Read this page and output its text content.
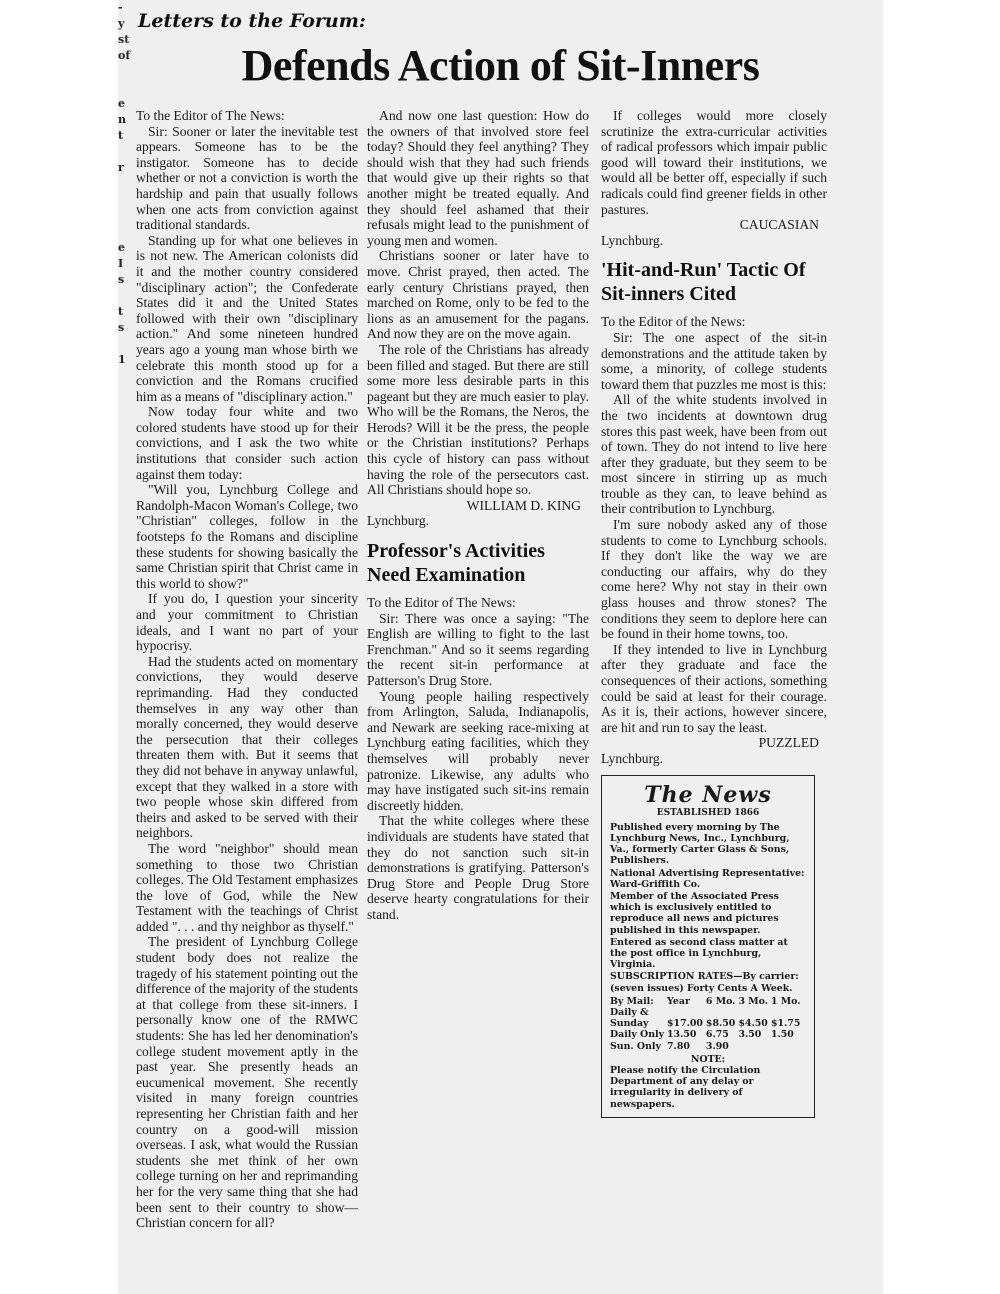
-
y
st
of
e
n
t
r
e
I
s
t
s
1
Letters to the Forum:
Defends Action of Sit-Inners

To the Editor of The News:

Sir: Sooner or later the inevitable test appears. Someone has to be the instigator. Someone has to decide whether or not a conviction is worth the hardship and pain that usually follows when one acts from conviction against traditional standards.

Standing up for what one believes in is not new. The American colonists did it and the mother country considered "disciplinary action"; the Confederate States did it and the United States followed with their own "disciplinary action." And some nineteen hundred years ago a young man whose birth we celebrate this month stood up for a conviction and the Romans crucified him as a means of "disciplinary action."

Now today four white and two colored students have stood up for their convictions, and I ask the two white institutions that consider such action against them today:

"Will you, Lynchburg College and Randolph-Macon Woman's College, two "Christian" colleges, follow in the footsteps fo the Romans and discipline these students for showing basically the same Christian spirit that Christ came in this world to show?"

If you do, I question your sincerity and your commitment to Christian ideals, and I want no part of your hypocrisy.

Had the students acted on momentary convictions, they would deserve reprimanding. Had they conducted themselves in any way other than morally concerned, they would deserve the persecution that their colleges threaten them with. But it seems that they did not behave in anyway unlawful, except that they walked in a store with two people whose skin differed from theirs and asked to be served with their neighbors.

The word "neighbor" should mean something to those two Christian colleges. The Old Testament emphasizes the love of God, while the New Testament with the teachings of Christ added ". . . and thy neighbor as thyself."

The president of Lynchburg College student body does not realize the tragedy of his statement pointing out the difference of the majority of the students at that college from these sit-inners. I personally know one of the RMWC students: She has led her denomination's college student movement aptly in the past year. She presently heads an eucumenical movement. She recently visited in many foreign countries representing her Christian faith and her country on a good-will mission overseas. I ask, what would the Russian students she met think of her own college turning on her and reprimanding her for the very same thing that she had been sent to their country to show—Christian concern for all?

And now one last question: How do the owners of that involved store feel today? Should they feel anything? They should wish that they had such friends that would give up their rights so that another might be treated equally. And they should feel ashamed that their refusals might lead to the punishment of young men and women.

Christians sooner or later have to move. Christ prayed, then acted. The early century Christians prayed, then marched on Rome, only to be fed to the lions as an amusement for the pagans. And now they are on the move again.

The role of the Christians has already been filled and staged. But there are still some more less desirable parts in this pageant but they are much easier to play. Who will be the Romans, the Neros, the Herods? Will it be the press, the people or the Christian institutions? Perhaps this cycle of history can pass without having the role of the persecutors cast. All Christians should hope so.

WILLIAM D. KING

Lynchburg.

Professor's Activities Need Examination

To the Editor of The News:

Sir: There was once a saying: "The English are willing to fight to the last Frenchman." And so it seems regarding the recent sit-in performance at Patterson's Drug Store.

Young people hailing respectively from Arlington, Saluda, Indianapolis, and Newark are seeking race-mixing at Lynchburg eating facilities, which they themselves will probably never patronize. Likewise, any adults who may have instigated such sit-ins remain discreetly hidden.

That the white colleges where these individuals are students have stated that they do not sanction such sit-in demonstrations is gratifying. Patterson's Drug Store and People Drug Store deserve hearty congratulations for their stand.

If colleges would more closely scrutinize the extra-curricular activities of radical professors which impair public good will toward their institutions, we would all be better off, especially if such radicals could find greener fields in other pastures.

CAUCASIAN

Lynchburg.

'Hit-and-Run' Tactic Of Sit-inners Cited

To the Editor of the News:

Sir: The one aspect of the sit-in demonstrations and the attitude taken by some, a minority, of college students toward them that puzzles me most is this:

All of the white students involved in the two incidents at downtown drug stores this past week, have been from out of town. They do not intend to live here after they graduate, but they seem to be most sincere in stirring up as much trouble as they can, to leave behind as their contribution to Lynchburg.

I'm sure nobody asked any of those students to come to Lynchburg schools. If they don't like the way we are conducting our affairs, why do they come here? Why not stay in their own glass houses and throw stones? The conditions they seem to deplore here can be found in their home towns, too.

If they intended to live in Lynchburg after they graduate and face the consequences of their actions, something could be said at least for their courage. As it is, their actions, however sincere, are hit and run to say the least.

PUZZLED

Lynchburg.

The News
ESTABLISHED 1866
Published every morning by The Lynchburg News, Inc., Lynchburg, Va., formerly Carter Glass & Sons, Publishers.
National Advertising Representative: Ward-Griffith Co.
Member of the Associated Press which is exclusively entitled to reproduce all news and pictures published in this newspaper.
Entered as second class matter at the post office in Lynchburg, Virginia.
SUBSCRIPTION RATES—By carrier: (seven issues) Forty Cents A Week.
By Mail:	Year	6 Mo.	3 Mo.	1 Mo.
Daily &				
Sunday	$17.00	$8.50	$4.50	$1.75
Daily Only	13.50	6.75	3.50	1.50
Sun. Only	7.80	3.90		
NOTE:
Please notify the Circulation Department of any delay or irregularity in delivery of newspapers.
